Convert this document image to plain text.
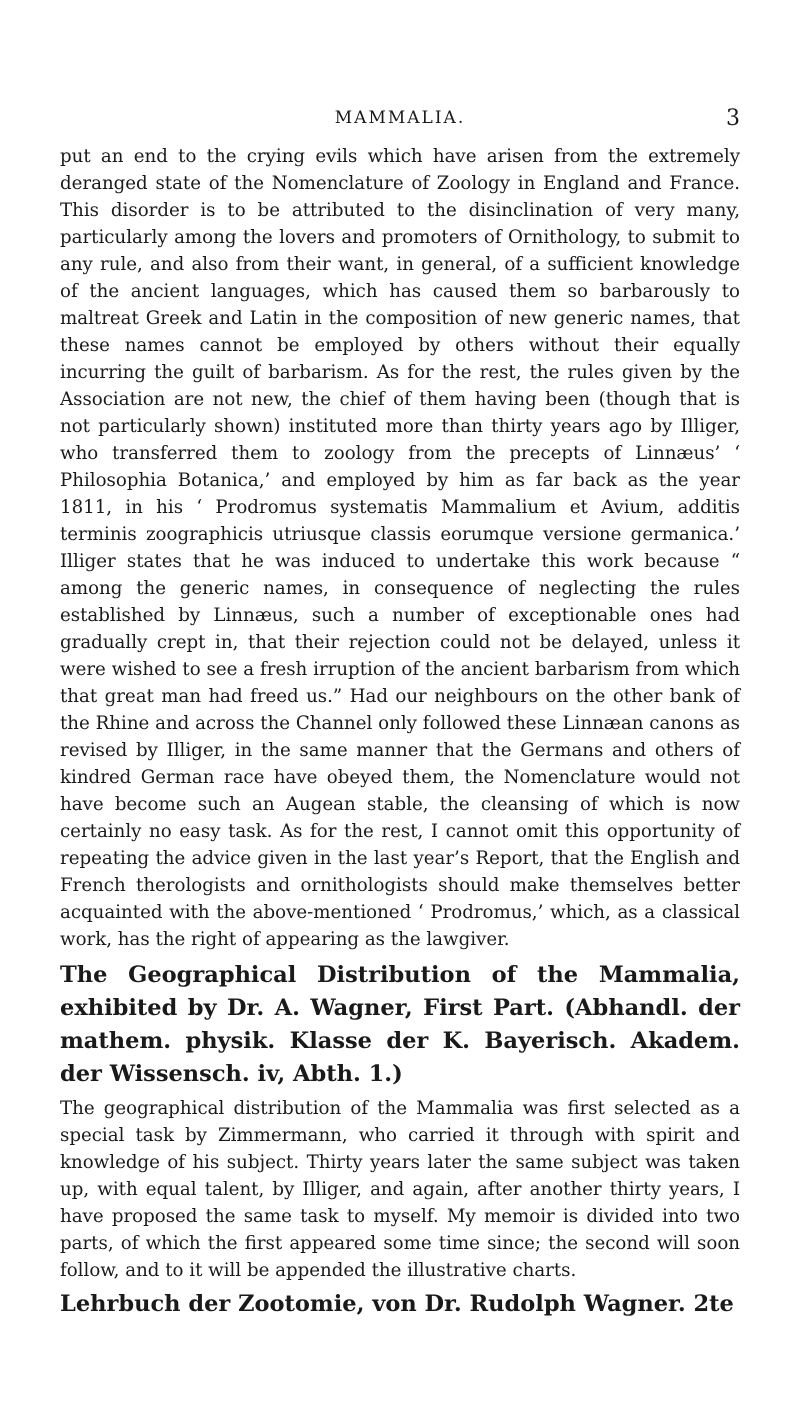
MAMMALIA.	3

put an end to the crying evils which have arisen from the extremely deranged state of the Nomenclature of Zoology in England and France. This disorder is to be attributed to the disinclination of very many, particularly among the lovers and promoters of Ornithology, to submit to any rule, and also from their want, in general, of a sufficient knowledge of the ancient languages, which has caused them so barbarously to maltreat Greek and Latin in the composition of new generic names, that these names cannot be employed by others without their equally incurring the guilt of barbarism. As for the rest, the rules given by the Association are not new, the chief of them having been (though that is not particularly shown) instituted more than thirty years ago by Illiger, who transferred them to zoology from the precepts of Linnæus’ ‘ Philosophia Botanica,’ and employed by him as far back as the year 1811, in his ‘ Prodromus systematis Mammalium et Avium, additis terminis zoographicis utriusque classis eorumque versione germanica.’ Illiger states that he was induced to undertake this work because “ among the generic names, in consequence of neglecting the rules established by Linnæus, such a number of exceptionable ones had gradually crept in, that their rejection could not be delayed, unless it were wished to see a fresh irruption of the ancient barbarism from which that great man had freed us.” Had our neighbours on the other bank of the Rhine and across the Channel only followed these Linnæan canons as revised by Illiger, in the same manner that the Germans and others of kindred German race have obeyed them, the Nomenclature would not have become such an Augean stable, the cleansing of which is now certainly no easy task. As for the rest, I cannot omit this opportunity of repeating the advice given in the last year’s Report, that the English and French therologists and ornithologists should make themselves better acquainted with the above-mentioned ‘ Prodromus,’ which, as a classical work, has the right of appearing as the lawgiver.

The Geographical Distribution of the Mammalia, exhibited by Dr. A. Wagner, First Part. (Abhandl. der mathem. physik. Klasse der K. Bayerisch. Akadem. der Wissensch. iv, Abth. 1.)

The geographical distribution of the Mammalia was first selected as a special task by Zimmermann, who carried it through with spirit and knowledge of his subject. Thirty years later the same subject was taken up, with equal talent, by Illiger, and again, after another thirty years, I have proposed the same task to myself. My memoir is divided into two parts, of which the first appeared some time since; the second will soon follow, and to it will be appended the illustrative charts.

Lehrbuch der Zootomie, von Dr. Rudolph Wagner. 2te
